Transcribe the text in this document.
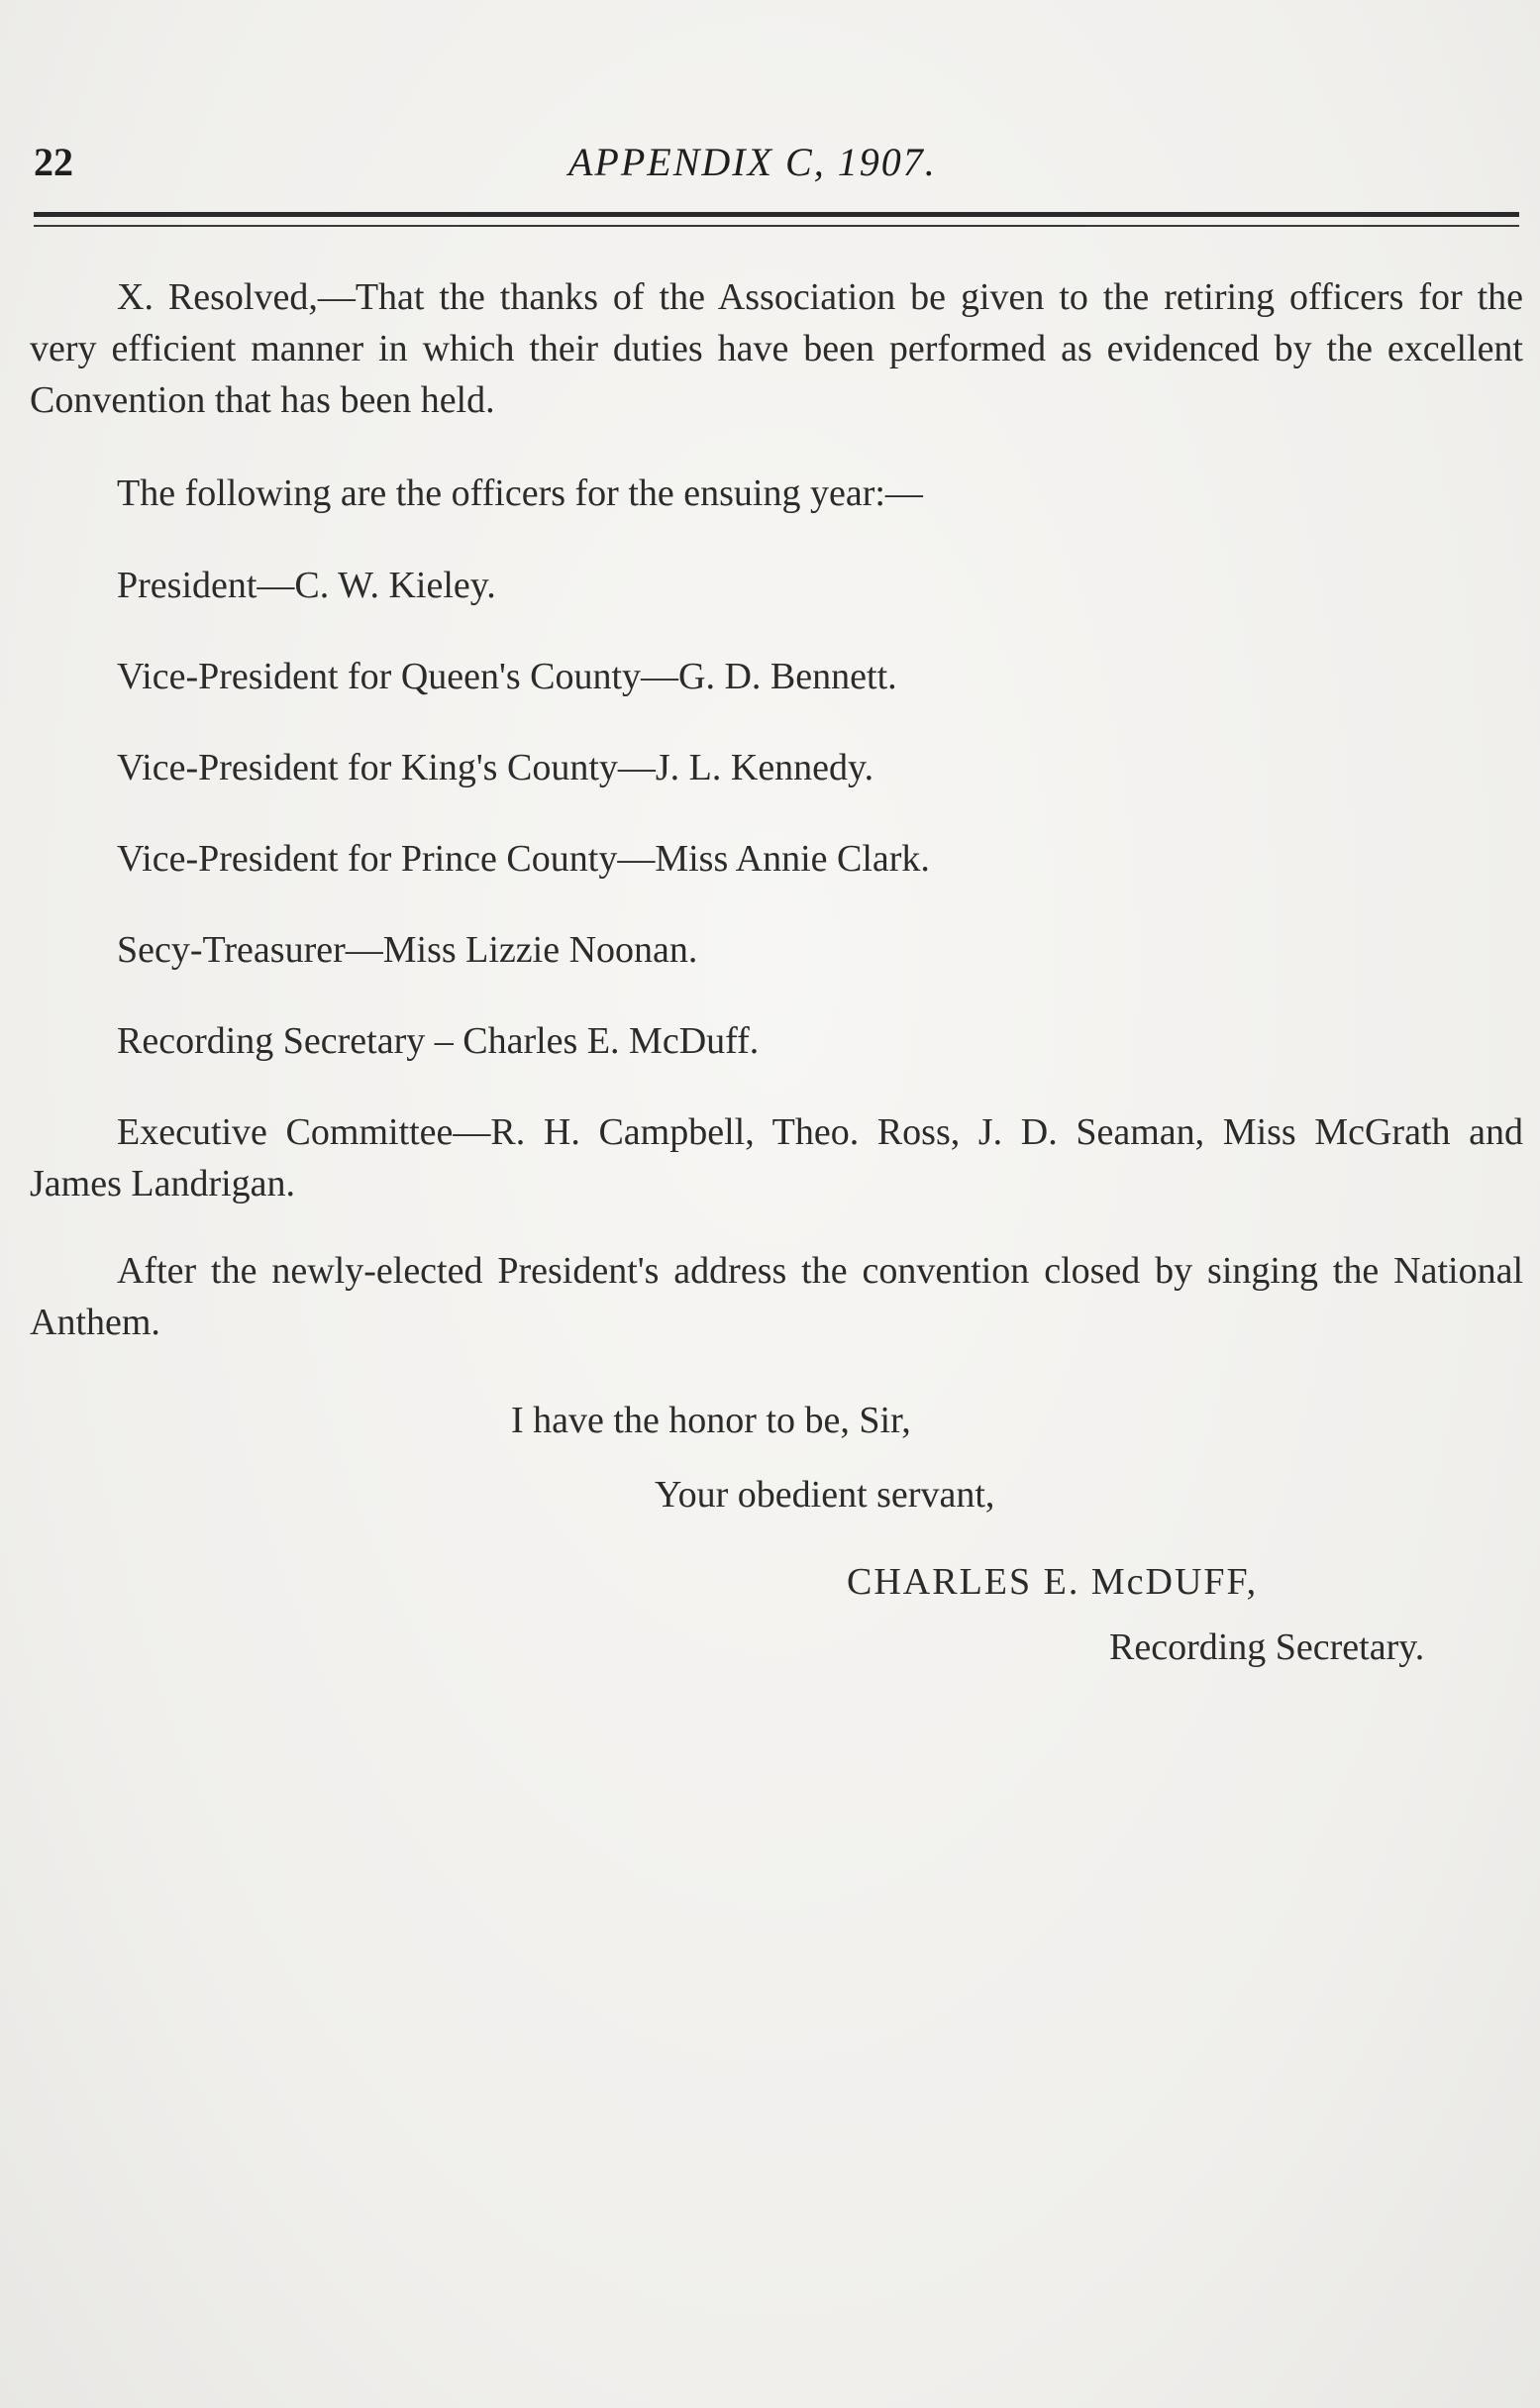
22	APPENDIX C, 1907.

X. Resolved,—That the thanks of the Association be given to the retiring officers for the very efficient manner in which their duties have been performed as evidenced by the excellent Convention that has been held.

The following are the officers for the ensuing year:—

President—C. W. Kieley.

Vice-President for Queen's County—G. D. Bennett.

Vice-President for King's County—J. L. Kennedy.

Vice-President for Prince County—Miss Annie Clark.

Secy-Treasurer—Miss Lizzie Noonan.

Recording Secretary – Charles E. McDuff.

Executive Committee—R. H. Campbell, Theo. Ross, J. D. Seaman, Miss McGrath and James Landrigan.

After the newly-elected President's address the convention closed by singing the National Anthem.

I have the honor to be, Sir,

Your obedient servant,

CHARLES E. McDUFF,

Recording Secretary.
